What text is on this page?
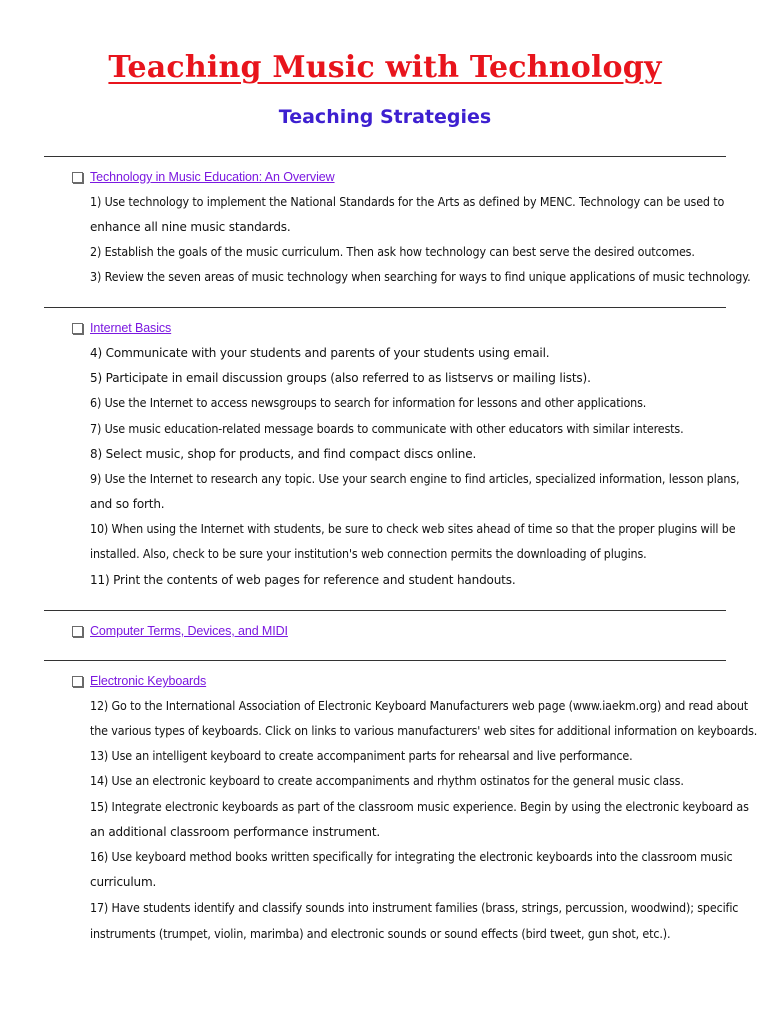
Teaching Music with Technology
Teaching Strategies
Technology in Music Education: An Overview
1) Use technology to implement the National Standards for the Arts as defined by MENC. Technology can be used to
enhance all nine music standards.
2) Establish the goals of the music curriculum. Then ask how technology can best serve the desired outcomes.
3) Review the seven areas of music technology when searching for ways to find unique applications of music technology.
Internet Basics
4) Communicate with your students and parents of your students using email.
5) Participate in email discussion groups (also referred to as listservs or mailing lists).
6) Use the Internet to access newsgroups to search for information for lessons and other applications.
7) Use music education-related message boards to communicate with other educators with similar interests.
8) Select music, shop for products, and find compact discs online.
9) Use the Internet to research any topic. Use your search engine to find articles, specialized information, lesson plans,
and so forth.
10) When using the Internet with students, be sure to check web sites ahead of time so that the proper plugins will be
installed. Also, check to be sure your institution's web connection permits the downloading of plugins.
11) Print the contents of web pages for reference and student handouts.
Computer Terms, Devices, and MIDI
Electronic Keyboards
12) Go to the International Association of Electronic Keyboard Manufacturers web page (www.iaekm.org) and read about
the various types of keyboards. Click on links to various manufacturers' web sites for additional information on keyboards.
13) Use an intelligent keyboard to create accompaniment parts for rehearsal and live performance.
14) Use an electronic keyboard to create accompaniments and rhythm ostinatos for the general music class.
15) Integrate electronic keyboards as part of the classroom music experience. Begin by using the electronic keyboard as
an additional classroom performance instrument.
16) Use keyboard method books written specifically for integrating the electronic keyboards into the classroom music
curriculum.
17) Have students identify and classify sounds into instrument families (brass, strings, percussion, woodwind); specific
instruments (trumpet, violin, marimba) and electronic sounds or sound effects (bird tweet, gun shot, etc.).
